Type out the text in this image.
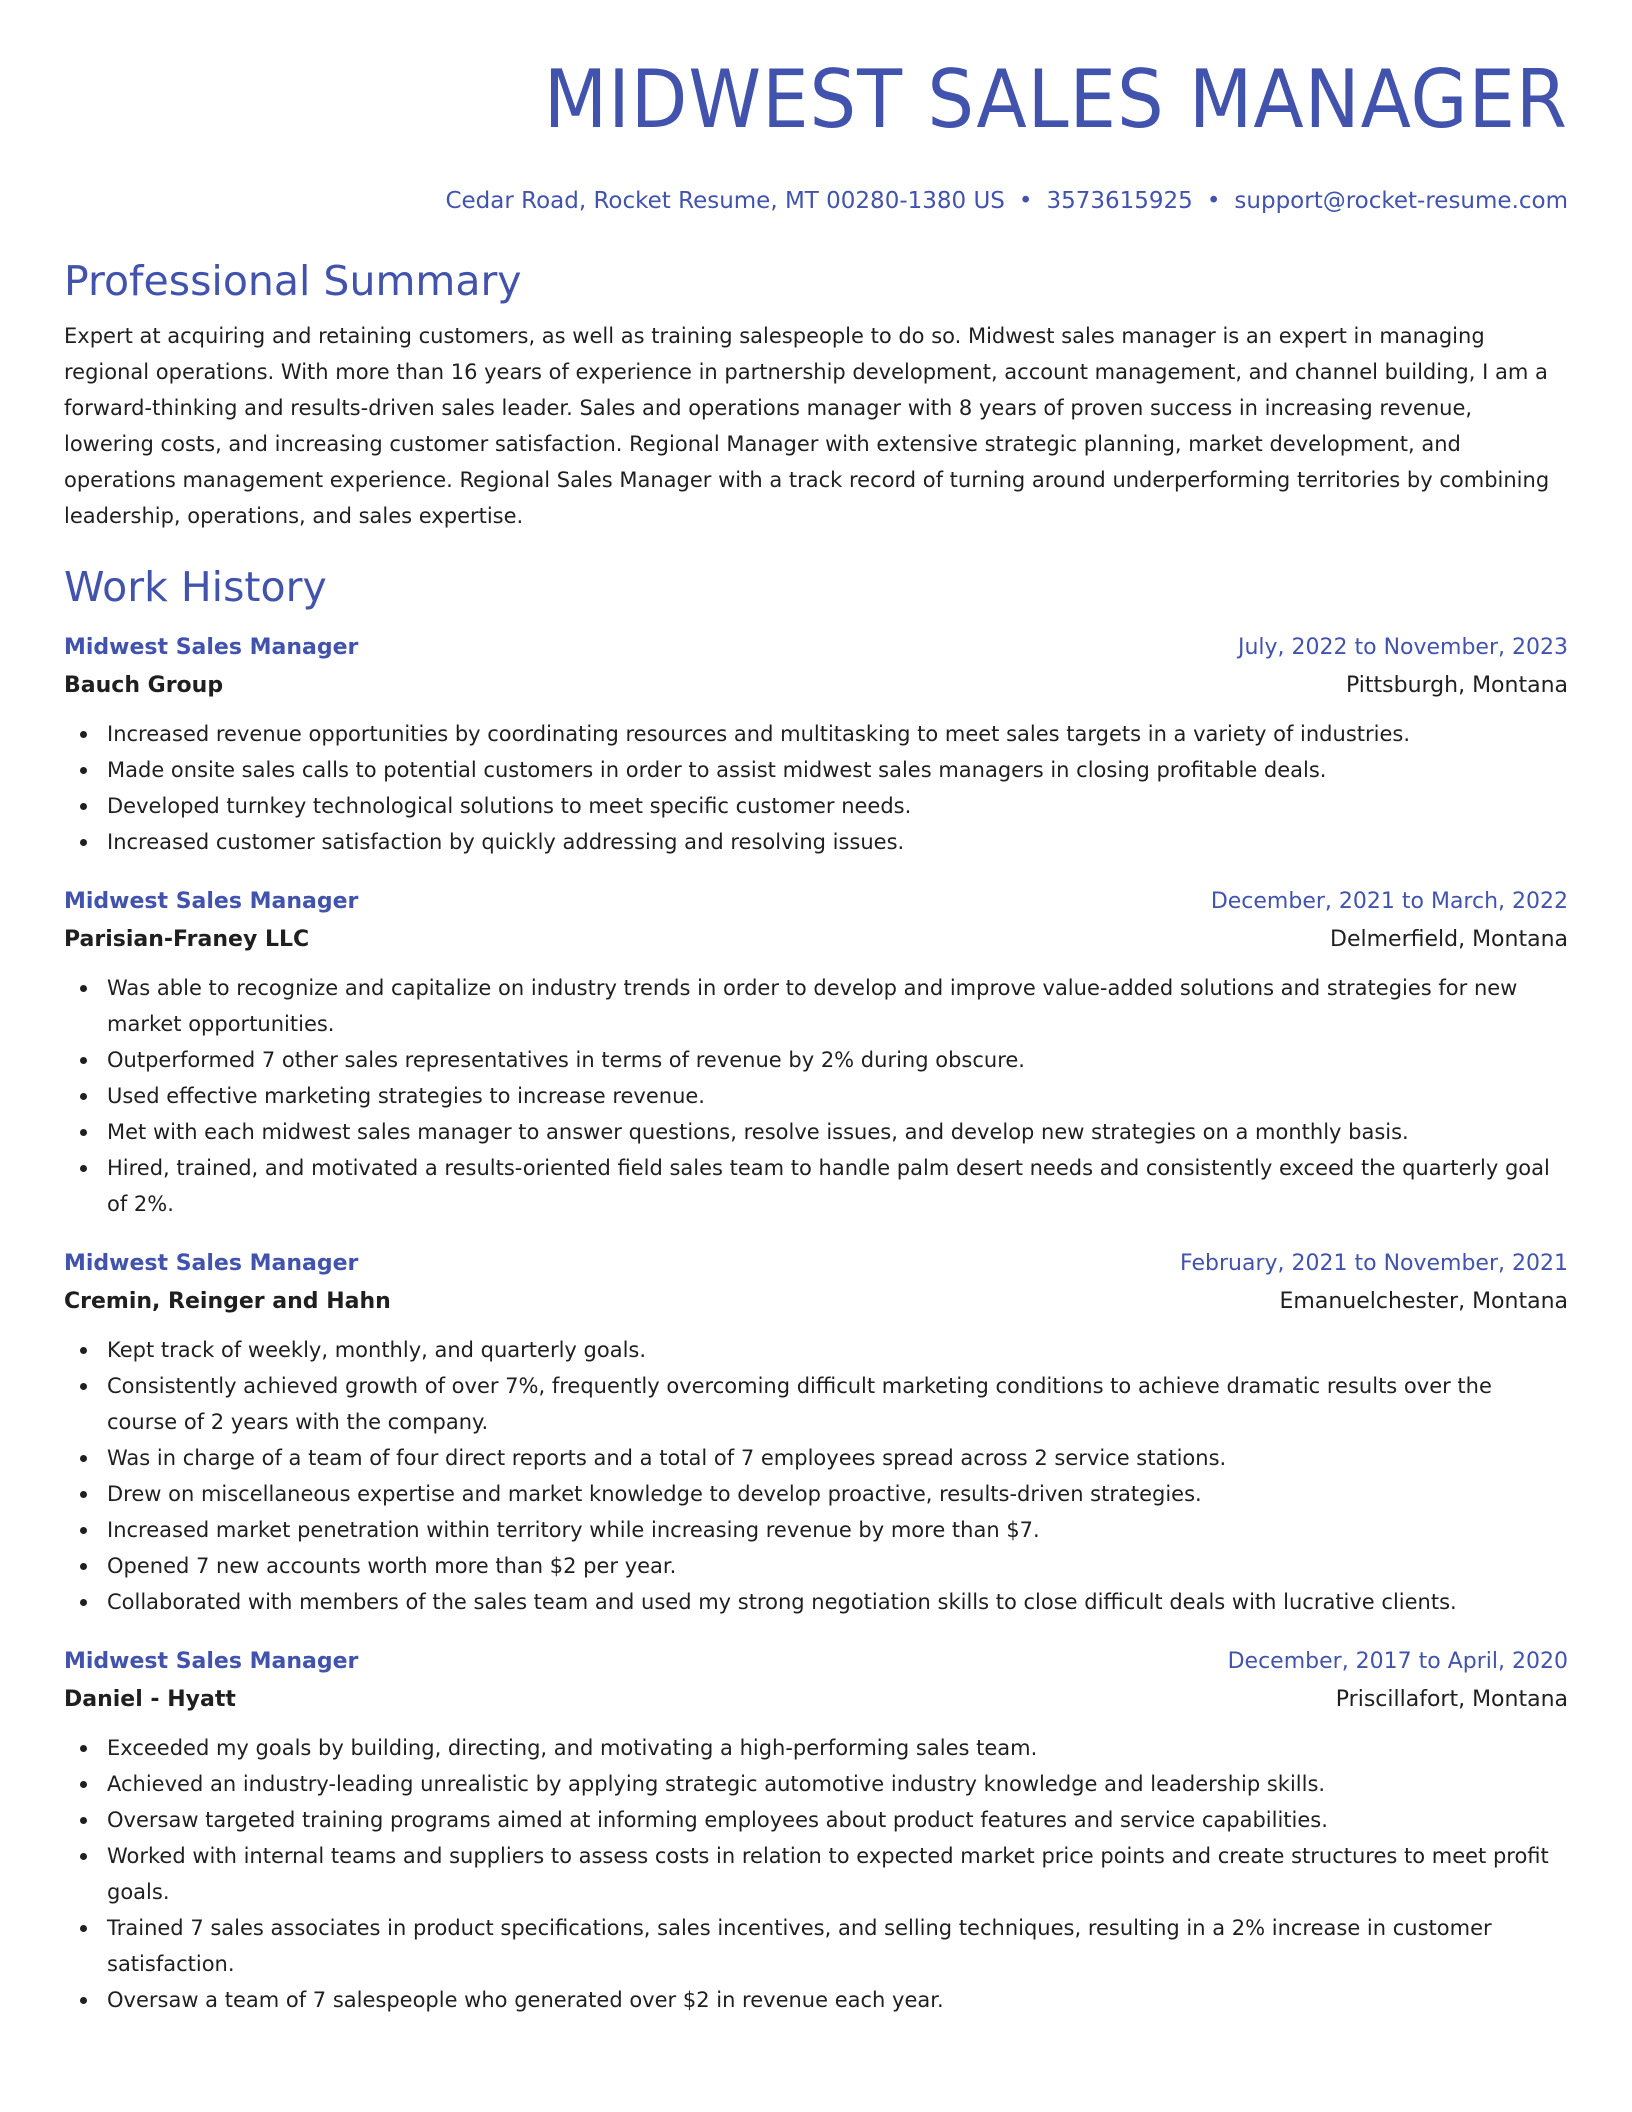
MIDWEST SALES MANAGER
Cedar Road, Rocket Resume, MT 00280-1380 US • 3573615925 • support@rocket-resume.com
Professional Summary

Expert at acquiring and retaining customers, as well as training salespeople to do so. Midwest sales manager is an expert in managing regional operations. With more than 16 years of experience in partnership development, account management, and channel building, I am a forward-thinking and results-driven sales leader. Sales and operations manager with 8 years of proven success in increasing revenue, lowering costs, and increasing customer satisfaction. Regional Manager with extensive strategic planning, market development, and operations management experience. Regional Sales Manager with a track record of turning around underperforming territories by combining leadership, operations, and sales expertise.

Work History
Midwest Sales Manager	July, 2022 to November, 2023
Bauch Group	Pittsburgh, Montana
Increased revenue opportunities by coordinating resources and multitasking to meet sales targets in a variety of industries.
Made onsite sales calls to potential customers in order to assist midwest sales managers in closing profitable deals.
Developed turnkey technological solutions to meet specific customer needs.
Increased customer satisfaction by quickly addressing and resolving issues.
Midwest Sales Manager	December, 2021 to March, 2022
Parisian-Franey LLC	Delmerfield, Montana
Was able to recognize and capitalize on industry trends in order to develop and improve value-added solutions and strategies for new market opportunities.
Outperformed 7 other sales representatives in terms of revenue by 2% during obscure.
Used effective marketing strategies to increase revenue.
Met with each midwest sales manager to answer questions, resolve issues, and develop new strategies on a monthly basis.
Hired, trained, and motivated a results-oriented field sales team to handle palm desert needs and consistently exceed the quarterly goal of 2%.
Midwest Sales Manager	February, 2021 to November, 2021
Cremin, Reinger and Hahn	Emanuelchester, Montana
Kept track of weekly, monthly, and quarterly goals.
Consistently achieved growth of over 7%, frequently overcoming difficult marketing conditions to achieve dramatic results over the course of 2 years with the company.
Was in charge of a team of four direct reports and a total of 7 employees spread across 2 service stations.
Drew on miscellaneous expertise and market knowledge to develop proactive, results-driven strategies.
Increased market penetration within territory while increasing revenue by more than $7.
Opened 7 new accounts worth more than $2 per year.
Collaborated with members of the sales team and used my strong negotiation skills to close difficult deals with lucrative clients.
Midwest Sales Manager	December, 2017 to April, 2020
Daniel - Hyatt	Priscillafort, Montana
Exceeded my goals by building, directing, and motivating a high-performing sales team.
Achieved an industry-leading unrealistic by applying strategic automotive industry knowledge and leadership skills.
Oversaw targeted training programs aimed at informing employees about product features and service capabilities.
Worked with internal teams and suppliers to assess costs in relation to expected market price points and create structures to meet profit goals.
Trained 7 sales associates in product specifications, sales incentives, and selling techniques, resulting in a 2% increase in customer satisfaction.
Oversaw a team of 7 salespeople who generated over $2 in revenue each year.
